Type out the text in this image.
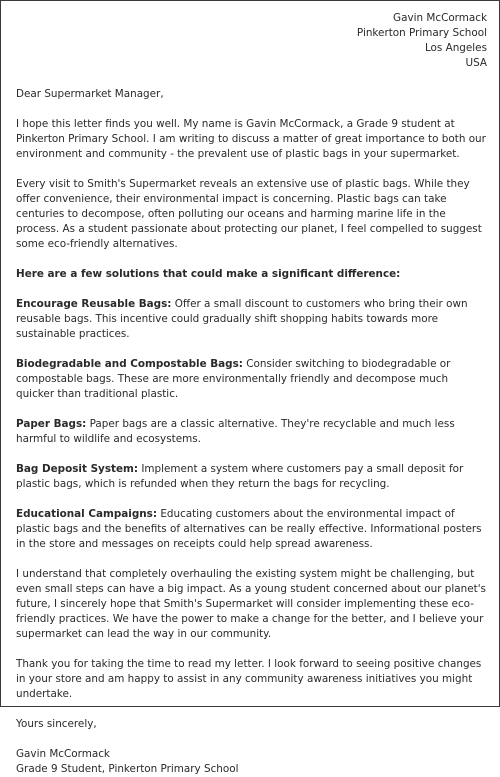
Gavin McCormack
Pinkerton Primary School
Los Angeles
USA

Dear Supermarket Manager,

I hope this letter finds you well. My name is Gavin McCormack, a Grade 9 student at Pinkerton Primary School. I am writing to discuss a matter of great importance to both our environment and community - the prevalent use of plastic bags in your supermarket.

Every visit to Smith's Supermarket reveals an extensive use of plastic bags. While they offer convenience, their environmental impact is concerning. Plastic bags can take centuries to decompose, often polluting our oceans and harming marine life in the process. As a student passionate about protecting our planet, I feel compelled to suggest some eco-friendly alternatives.

Here are a few solutions that could make a significant difference:

Encourage Reusable Bags: Offer a small discount to customers who bring their own reusable bags. This incentive could gradually shift shopping habits towards more sustainable practices.

Biodegradable and Compostable Bags: Consider switching to biodegradable or compostable bags. These are more environmentally friendly and decompose much quicker than traditional plastic.

Paper Bags: Paper bags are a classic alternative. They're recyclable and much less harmful to wildlife and ecosystems.

Bag Deposit System: Implement a system where customers pay a small deposit for plastic bags, which is refunded when they return the bags for recycling.

Educational Campaigns: Educating customers about the environmental impact of plastic bags and the benefits of alternatives can be really effective. Informational posters in the store and messages on receipts could help spread awareness.

I understand that completely overhauling the existing system might be challenging, but even small steps can have a big impact. As a young student concerned about our planet's future, I sincerely hope that Smith's Supermarket will consider implementing these eco-friendly practices. We have the power to make a change for the better, and I believe your supermarket can lead the way in our community.

Thank you for taking the time to read my letter. I look forward to seeing positive changes in your store and am happy to assist in any community awareness initiatives you might undertake.

Yours sincerely,

Gavin McCormack
Grade 9 Student, Pinkerton Primary School
